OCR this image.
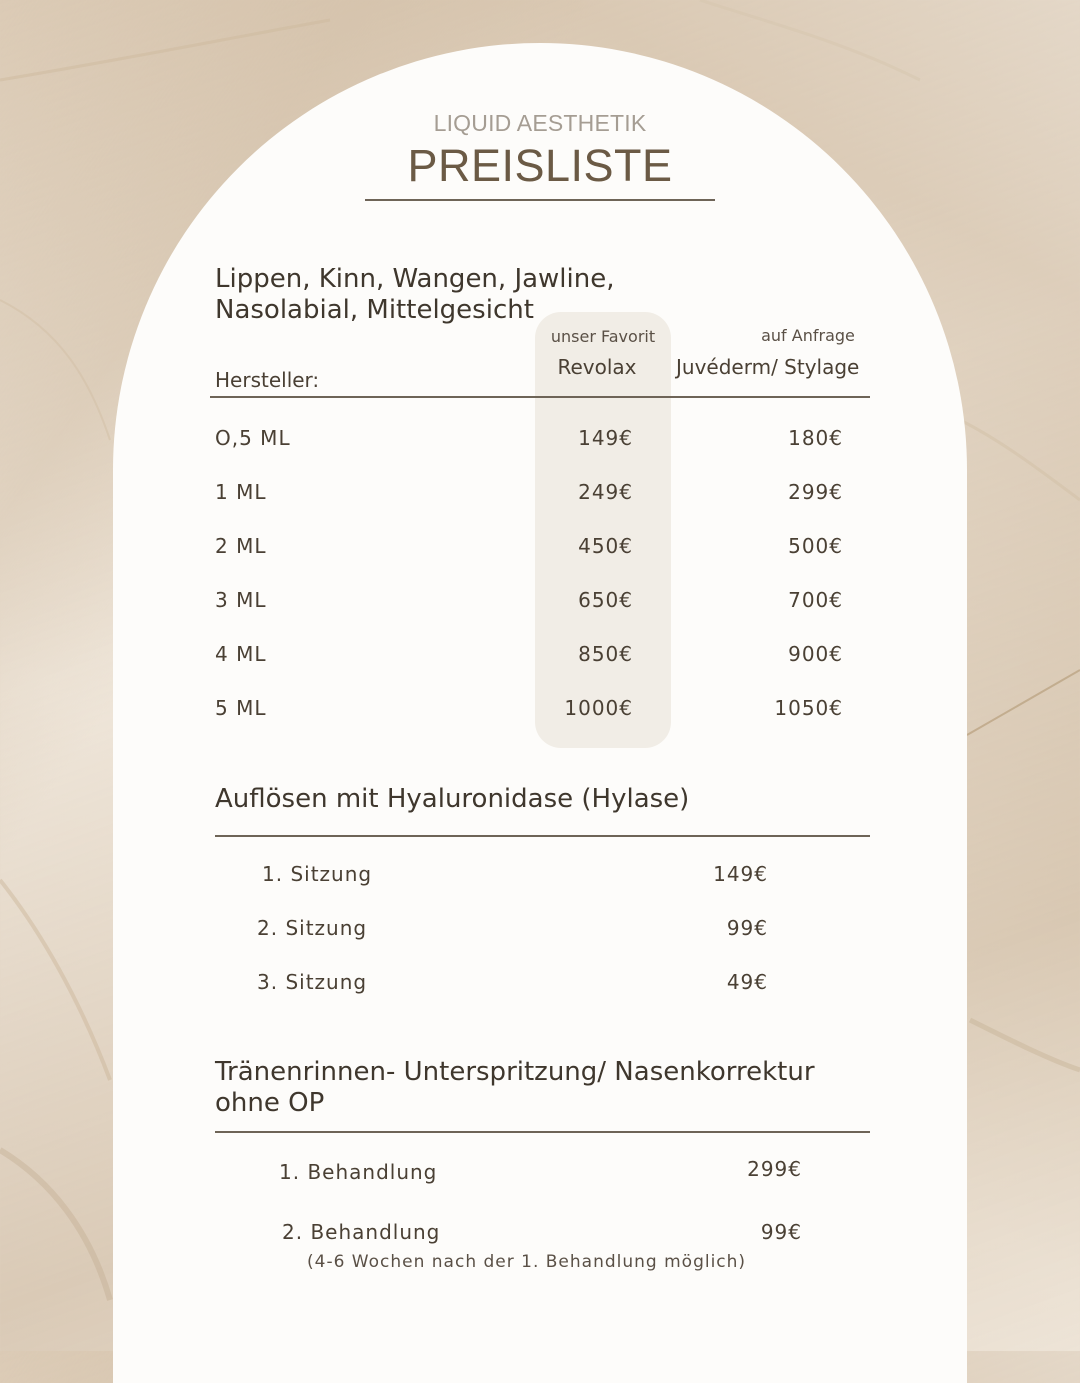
LIQUID AESTHETIK
PREISLISTE
Lippen, Kinn, Wangen, Jawline,
Nasolabial, Mittelgesicht
unser Favorit
Revolax
auf Anfrage
Juvéderm/ Stylage
Hersteller:
O,5 ML	149€	180€
1 ML	249€	299€
2 ML	450€	500€
3 ML	650€	700€
4 ML	850€	900€
5 ML	1000€	1050€
Auflösen mit Hyaluronidase (Hylase)
1. Sitzung	149€
2. Sitzung	99€
3. Sitzung	49€
Tränenrinnen- Unterspritzung/ Nasenkorrektur
ohne OP
1. Behandlung	299€
2. Behandlung	99€
(4-6 Wochen nach der 1. Behandlung möglich)
